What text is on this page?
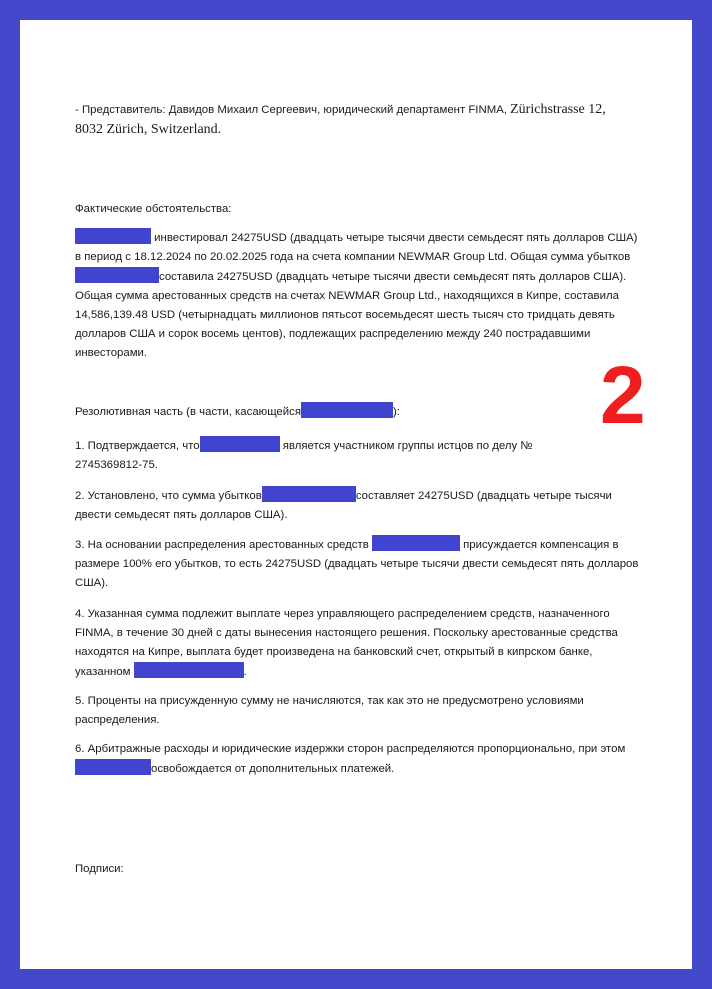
- Представитель: Давидов Михаил Сергеевич, юридический департамент FINMA, Zürichstrasse 12,
8032 Zürich, Switzerland.

Фактические обстоятельства:

инвестировал 24275USD (двадцать четыре тысячи двести семьдесят пять долларов США) в период с 18.12.2024 по 20.02.2025 года на счета компании NEWMAR Group Ltd. Общая сумма убытковсоставила 24275USD (двадцать четыре тысячи двести семьдесят пять долларов США). Общая сумма арестованных средств на счетах NEWMAR Group Ltd., находящихся в Кипре, составила 14,586,139.48 USD (четырнадцать миллионов пятьсот восемьдесят шесть тысяч сто тридцать девять долларов США и сорок восемь центов), подлежащих распределению между 240 пострадавшими инвесторами.

Резолютивная часть (в части, касающейся	):

1. Подтверждается, что	является участником группы истцов по делу №
2745369812-75.

2. Установлено, что сумма убытков	составляет 24275USD (двадцать четыре тысячи двести семьдесят пять долларов США).

3. На основании распределения арестованных средств	присуждается компенсация в размере 100% его убытков, то есть 24275USD (двадцать четыре тысячи двести семьдесят пять долларов США).

4. Указанная сумма подлежит выплате через управляющего распределением средств, назначенного FINMA, в течение 30 дней с даты вынесения настоящего решения. Поскольку арестованные средства находятся на Кипре, выплата будет произведена на банковский счет, открытый в кипрском банке, указанном	.

5. Проценты на присужденную сумму не начисляются, так как это не предусмотрено условиями распределения.

6. Арбитражные расходы и юридические издержки сторон распределяются пропорционально, при этом освобождается от дополнительных платежей.

2
Подписи:
